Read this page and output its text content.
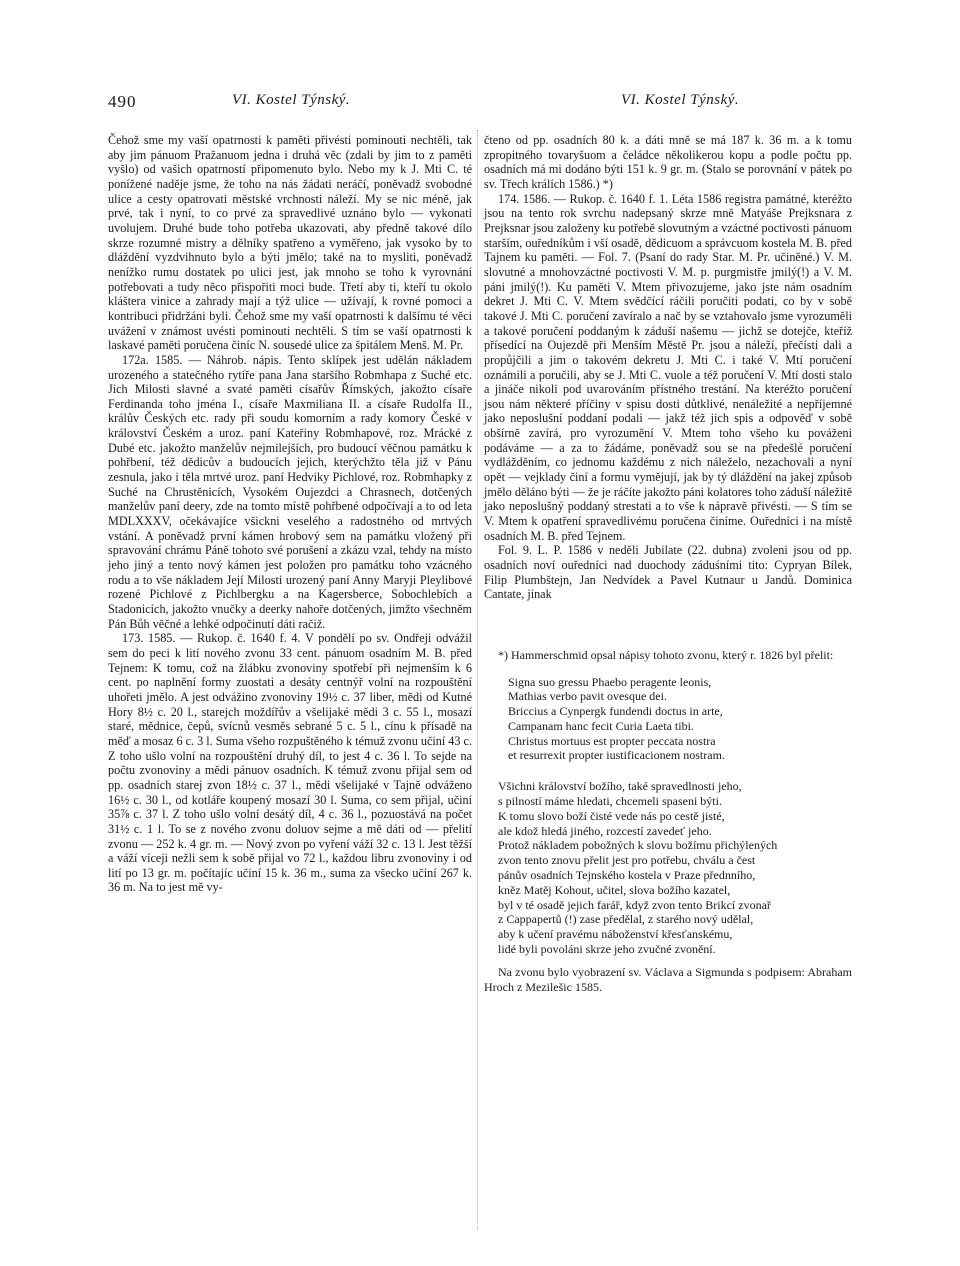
490	VI. Kostel Týnský.	VI. Kostel Týnský.

Čehož sme my vaší opatrnosti k paměti přivésti pominouti nechtěli, tak aby jim pánuom Pražanuom jedna i druhá věc (zdali by jim to z paměti vyšlo) od vašich opatrností připomenuto bylo. Nebo my k J. Mti C. té ponížené naděje jsme, že toho na nás žádati neráčí, poněvadž svobodné ulice a cesty opatrovati městské vrchnosti náleží. My se nic méně, jak prvé, tak i nyní, to co prvé za spravedlivé uznáno bylo — vykonati uvolujem. Druhé bude toho potřeba ukazovati, aby předně takové dílo skrze rozumné mistry a dělníky spatřeno a vyměřeno, jak vysoko by to dláždění vyzdvihnuto bylo a býti jmělo; také na to mysliti, poněvadž nenížko rumu dostatek po ulici jest, jak mnoho se toho k vyrovnání potřebovati a tudy něco přispořiti moci bude. Třetí aby ti, kteří tu okolo kláštera vinice a zahrady mají a týž ulice — užívají, k rovné pomoci a kontribuci přidržáni byli. Čehož sme my vaší opatrnosti k dalšímu té věci uvážení v známost uvésti pominouti nechtěli. S tím se vaší opatrnosti k laskavé paměti poručena činíc N. sousedé ulice za špitálem Menš. M. Pr.

172a. 1585. — Náhrob. nápis. Tento sklípek jest udělán nákladem urozeného a statečného rytíře pana Jana staršího Robmhapa z Suché etc. Jich Milosti slavné a svaté paměti císařův Římských, jakožto císaře Ferdinanda toho jména I., císaře Maxmiliana II. a císaře Rudolfa II., králův Českých etc. rady při soudu komorním a rady komory České v království Českém a uroz. paní Kateřiny Robmhapové, roz. Mrácké z Dubé etc. jakožto manželův nejmilejších, pro budoucí věčnou památku k pohřbení, též dědicův a budoucích jejich, kterýchžto těla již v Pánu zesnula, jako i těla mrtvé uroz. paní Hedviky Pichlové, roz. Robmhapky z Suché na Chrustěnicích, Vysokém Oujezdci a Chrasnech, dotčených manželův paní deery, zde na tomto místě pohřbené odpočívají a to od leta MDLXXXV, očekávajíce všickni veselého a radostného od mrtvých vstání. A poněvadž první kámen hrobový sem na památku vložený při spravování chrámu Páně tohoto své porušení a zkázu vzal, tehdy na místo jeho jiný a tento nový kámen jest položen pro památku toho vzácného rodu a to vše nákladem Její Milosti urozený paní Anny Maryji Pleylibové rozené Pichlové z Pichlbergku a na Kagersberce, Sobochlebích a Stadonicích, jakožto vnučky a deerky nahoře dotčených, jimžto všechněm Pán Bůh věčné a lehké odpočinutí dáti račiž.

173. 1585. — Rukop. č. 1640 f. 4. V pondělí po sv. Ondřeji odvážil sem do peci k lití nového zvonu 33 cent. pánuom osadním M. B. před Tejnem: K tomu, což na žlábku zvonoviny spotřebí při nejmenším k 6 cent. po naplnění formy zuostati a desáty centnýř volní na rozpouštění uhořeti jmělo. A jest odvážino zvonoviny 19½ c. 37 liber, mědi od Kutné Hory 8½ c. 20 l., starejch moždířův a všelijaké mědi 3 c. 55 l., mosazí staré, mědnice, čepů, svícnů vesměs sebrané 5 c. 5 l., cínu k přísadě na měď a mosaz 6 c. 3 l. Suma všeho rozpuštěného k témuž zvonu učiní 43 c. Z toho ušlo volní na rozpouštění druhý díl, to jest 4 c. 36 l. To sejde na počtu zvonoviny a mědi pánuov osadních. K témuž zvonu přijal sem od pp. osadních starej zvon 18½ c. 37 l., mědi všelijaké v Tajně odváženo 16½ c. 30 l., od kotláře koupený mosazí 30 l. Suma, co sem přijal, učiní 35⅞ c. 37 l. Z toho ušlo volní desátý díl, 4 c. 36 l., pozuostává na počet 31½ c. 1 l. To se z nového zvonu doluov sejme a mě dáti od — přelití zvonu — 252 k. 4 gr. m. — Nový zvon po vyření váží 32 c. 13 l. Jest těžší a váží víceji nežli sem k sobě přijal vo 72 l., každou libru zvonoviny i od lití po 13 gr. m. počítajíc učiní 15 k. 36 m., suma za všecko učiní 267 k. 36 m. Na to jest mě vy-

čteno od pp. osadních 80 k. a dáti mně se má 187 k. 36 m. a k tomu zpropitného tovaryšuom a čeládce několikerou kopu a podle počtu pp. osadních má mi dodáno býti 151 k. 9 gr. m. (Stalo se porovnání v pátek po sv. Třech králích 1586.) *)

174. 1586. — Rukop. č. 1640 f. 1. Léta 1586 registra památné, kteréžto jsou na tento rok svrchu nadepsaný skrze mně Matyáše Prejksnara z Prejksnar jsou založeny ku potřebě slovutným a vzáctné poctivosti pánuom starším, ouředníkům i vší osadě, dědicuom a správcuom kostela M. B. před Tajnem ku paměti. — Fol. 7. (Psaní do rady Star. M. Pr. učiněné.) V. M. slovutné a mnohovzáctné poctivosti V. M. p. purgmistře jmilý(!) a V. M. páni jmilý(!). Ku paměti V. Mtem přivozujeme, jako jste nám osadním dekret J. Mti C. V. Mtem svědčící ráčili poručiti podati, co by v sobě takové J. Mti C. poručení zavíralo a nač by se vztahovalo jsme vyrozuměli a takové poručení poddaným k záduší našemu — jichž se dotejče, kteříž přísedící na Oujezdě při Menším Městě Pr. jsou a náleží, přečísti dali a propůjčili a jim o takovém dekretu J. Mti C. i také V. Mtí poručení oznámili a poručili, aby se J. Mti C. vuole a též poručení V. Mtí dosti stalo a jináče nikoli pod uvarováním přístného trestání. Na kteréžto poručení jsou nám některé příčiny v spisu dosti důtklivé, nenáležité a nepříjemné jako neposlušní poddaní podali — jakž též jich spis a odpověď v sobě obšírně zavírá, pro vyrozumění V. Mtem toho všeho ku pováženi podáváme — a za to žádáme, poněvadž sou se na předešlé poručení vydlážděním, co jednomu každému z nich náleželo, nezachovali a nyní opět — vejklady činí a formu vymějují, jak by tý dláždění na jakej způsob jmělo děláno býti — že je ráčíte jakožto páni kolatores toho záduší náležitě jako neposlušný poddaný strestati a to vše k nápravě přivésti. — S tím se V. Mtem k opatření spravedlivému poručena činíme. Ouředníci i na místě osadních M. B. před Tejnem.

Fol. 9. L. P. 1586 v neděli Jubilate (22. dubna) zvoleni jsou od pp. osadních noví ouředníci nad duochody záduśními tito: Cypryan Bílek, Filip Plumbštejn, Jan Nedvídek a Pavel Kutnaur u Jandů. Dominica Cantate, jinak

*) Hammerschmid opsal nápisy tohoto zvonu, který r. 1826 byl přelit:

Signa suo gressu Phaebo peragente leonis,
Mathias verbo pavit ovesque dei.
Briccius a Cynpergk fundendi doctus in arte,
Campanam hanc fecit Curia Laeta tibi.
Christus mortuus est propter peccata nostra
et resurrexit propter iustificacionem nostram.
Všichni království božího, také spravedlnosti jeho,
s pilností máme hledati, chcemeli spaseni býti.
K tomu slovo boží čisté vede nás po cestě jisté,
ale kdož hledá jiného, rozcestí zavedeť jeho.
Protož nákladem pobožných k slovu božímu přichýlených
zvon tento znovu přelit jest pro potřebu, chválu a čest
pánův osadních Tejnského kostela v Praze přednního,
kněz Matěj Kohout, učitel, slova božího kazatel,
byl v té osadě jejich farář, když zvon tento Brikcí zvonař
z Cappapertů (!) zase předělal, z starého nový udělal,
aby k učení pravému náboženství křesťanskému,
lidé byli povoláni skrze jeho zvučné zvonění.

Na zvonu bylo vyobrazení sv. Václava a Sigmunda s podpisem: Abraham Hroch z Mezilešic 1585.
